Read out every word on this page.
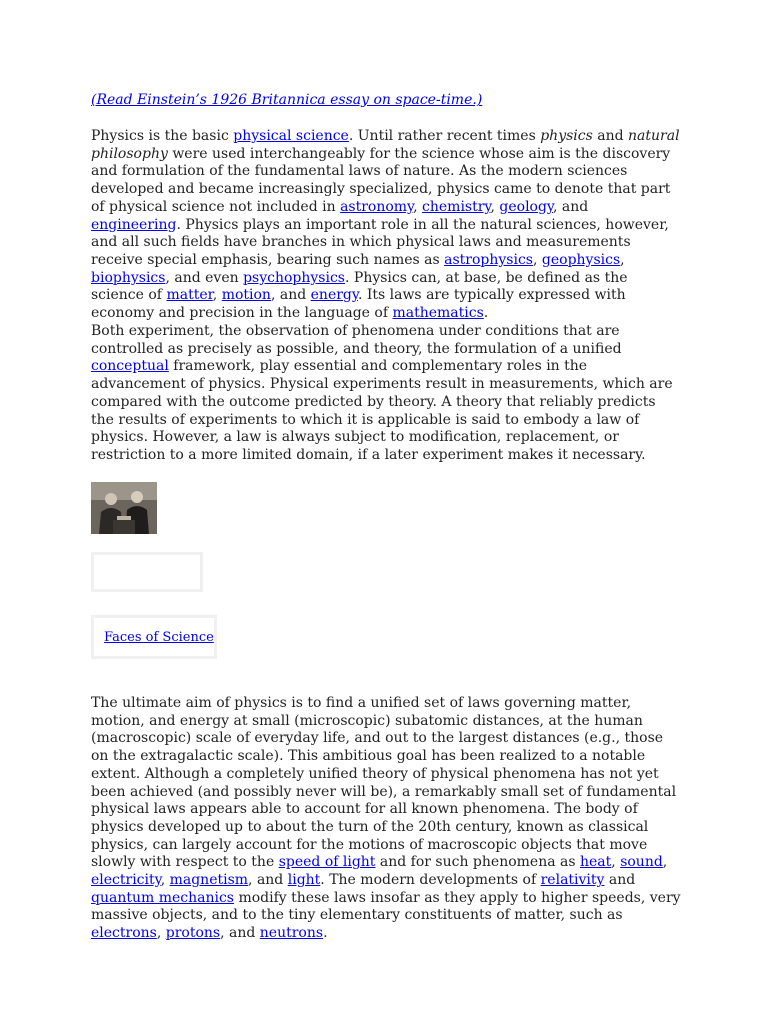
(Read Einstein’s 1926 Britannica essay on space-time.)

Physics is the basic physical science. Until rather recent times physics and natural philosophy were used interchangeably for the science whose aim is the discovery and formulation of the fundamental laws of nature. As the modern sciences developed and became increasingly specialized, physics came to denote that part of physical science not included in astronomy, chemistry, geology, and engineering. Physics plays an important role in all the natural sciences, however, and all such fields have branches in which physical laws and measurements receive special emphasis, bearing such names as astrophysics, geophysics, biophysics, and even psychophysics. Physics can, at base, be defined as the science of matter, motion, and energy. Its laws are typically expressed with economy and precision in the language of mathematics.

Both experiment, the observation of phenomena under conditions that are controlled as precisely as possible, and theory, the formulation of a unified conceptual framework, play essential and complementary roles in the advancement of physics. Physical experiments result in measurements, which are compared with the outcome predicted by theory. A theory that reliably predicts the results of experiments to which it is applicable is said to embody a law of physics. However, a law is always subject to modification, replacement, or restriction to a more limited domain, if a later experiment makes it necessary.

Faces of Science

The ultimate aim of physics is to find a unified set of laws governing matter, motion, and energy at small (microscopic) subatomic distances, at the human (macroscopic) scale of everyday life, and out to the largest distances (e.g., those on the extragalactic scale). This ambitious goal has been realized to a notable extent. Although a completely unified theory of physical phenomena has not yet been achieved (and possibly never will be), a remarkably small set of fundamental physical laws appears able to account for all known phenomena. The body of physics developed up to about the turn of the 20th century, known as classical physics, can largely account for the motions of macroscopic objects that move slowly with respect to the speed of light and for such phenomena as heat, sound, electricity, magnetism, and light. The modern developments of relativity and quantum mechanics modify these laws insofar as they apply to higher speeds, very massive objects, and to the tiny elementary constituents of matter, such as electrons, protons, and neutrons.
